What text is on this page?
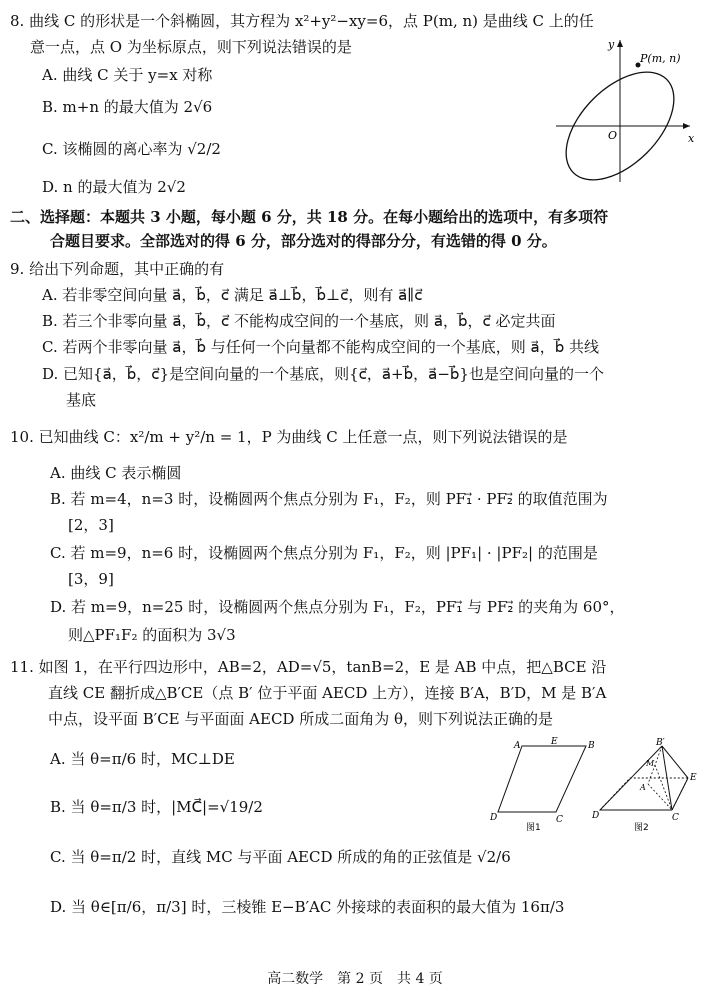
8. 曲线 C 的形状是一个斜椭圆，其方程为 x²+y²−xy=6，点 P(m, n) 是曲线 C 上的任
意一点，点 O 为坐标原点，则下列说法错误的是
A. 曲线 C 关于 y=x 对称
B. m+n 的最大值为 2√6
C. 该椭圆的离心率为 √2/2
D. n 的最大值为 2√2
P(m, n)
O	x
y
二、选择题：本题共 3 小题，每小题 6 分，共 18 分。在每小题给出的选项中，有多项符
合题目要求。全部选对的得 6 分，部分选对的得部分分，有选错的得 0 分。
9. 给出下列命题，其中正确的有
A. 若非零空间向量 a⃗，b⃗，c⃗ 满足 a⃗⊥b⃗，b⃗⊥c⃗，则有 a⃗∥c⃗
B. 若三个非零向量 a⃗，b⃗，c⃗ 不能构成空间的一个基底，则 a⃗，b⃗，c⃗ 必定共面
C. 若两个非零向量 a⃗，b⃗ 与任何一个向量都不能构成空间的一个基底，则 a⃗，b⃗ 共线
D. 已知{a⃗，b⃗，c⃗}是空间向量的一个基底，则{c⃗，a⃗+b⃗，a⃗−b⃗}也是空间向量的一个
基底
10. 已知曲线 C：x²/m + y²/n = 1，P 为曲线 C 上任意一点，则下列说法错误的是
A. 曲线 C 表示椭圆
B. 若 m=4，n=3 时，设椭圆两个焦点分别为 F₁，F₂，则 PF₁⃗ · PF₂⃗ 的取值范围为
[2，3]
C. 若 m=9，n=6 时，设椭圆两个焦点分别为 F₁，F₂，则 |PF₁| · |PF₂| 的范围是
[3，9]
D. 若 m=9，n=25 时，设椭圆两个焦点分别为 F₁，F₂，PF₁⃗ 与 PF₂⃗ 的夹角为 60°，
则△PF₁F₂ 的面积为 3√3
11. 如图 1，在平行四边形中，AB=2，AD=√5，tanB=2，E 是 AB 中点，把△BCE 沿
直线 CE 翻折成△B′CE（点 B′ 位于平面 AECD 上方），连接 B′A，B′D，M 是 B′A
中点，设平面 B′CE 与平面面 AECD 所成二面角为 θ，则下列说法正确的是
A. 当 θ=π/6 时，MC⊥DE
B. 当 θ=π/3 时，|MC⃗|=√19/2
C. 当 θ=π/2 时，直线 MC 与平面 AECD 所成的角的正弦值是 √2/6
D. 当 θ∈[π/6，π/3] 时，三棱锥 E−B′AC 外接球的表面积的最大值为 16π/3
A	E	B
D	C
图1
B′
M
E
A
D	C
图2
高二数学　第 2 页　共 4 页
